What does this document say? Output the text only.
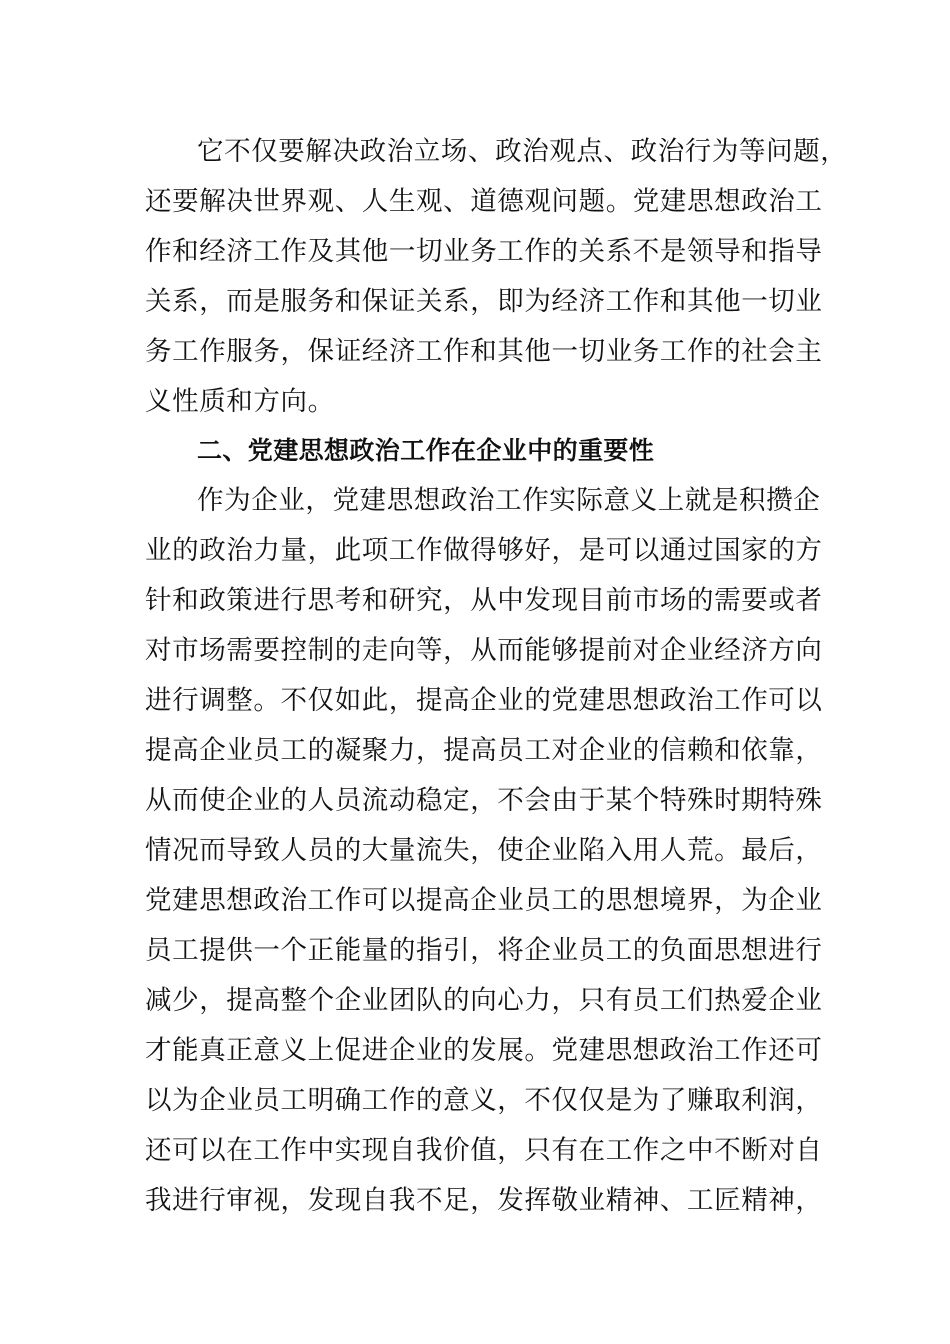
它不仅要解决政治立场、政治观点、政治行为等问题，
还要解决世界观、人生观、道德观问题。党建思想政治工
作和经济工作及其他一切业务工作的关系不是领导和指导
关系，而是服务和保证关系，即为经济工作和其他一切业
务工作服务，保证经济工作和其他一切业务工作的社会主
义性质和方向。
二、党建思想政治工作在企业中的重要性
作为企业，党建思想政治工作实际意义上就是积攒企
业的政治力量，此项工作做得够好，是可以通过国家的方
针和政策进行思考和研究，从中发现目前市场的需要或者
对市场需要控制的走向等，从而能够提前对企业经济方向
进行调整。不仅如此，提高企业的党建思想政治工作可以
提高企业员工的凝聚力，提高员工对企业的信赖和依靠，
从而使企业的人员流动稳定，不会由于某个特殊时期特殊
情况而导致人员的大量流失，使企业陷入用人荒。最后，
党建思想政治工作可以提高企业员工的思想境界，为企业
员工提供一个正能量的指引，将企业员工的负面思想进行
减少，提高整个企业团队的向心力，只有员工们热爱企业
才能真正意义上促进企业的发展。党建思想政治工作还可
以为企业员工明确工作的意义，不仅仅是为了赚取利润，
还可以在工作中实现自我价值，只有在工作之中不断对自
我进行审视，发现自我不足，发挥敬业精神、工匠精神，
